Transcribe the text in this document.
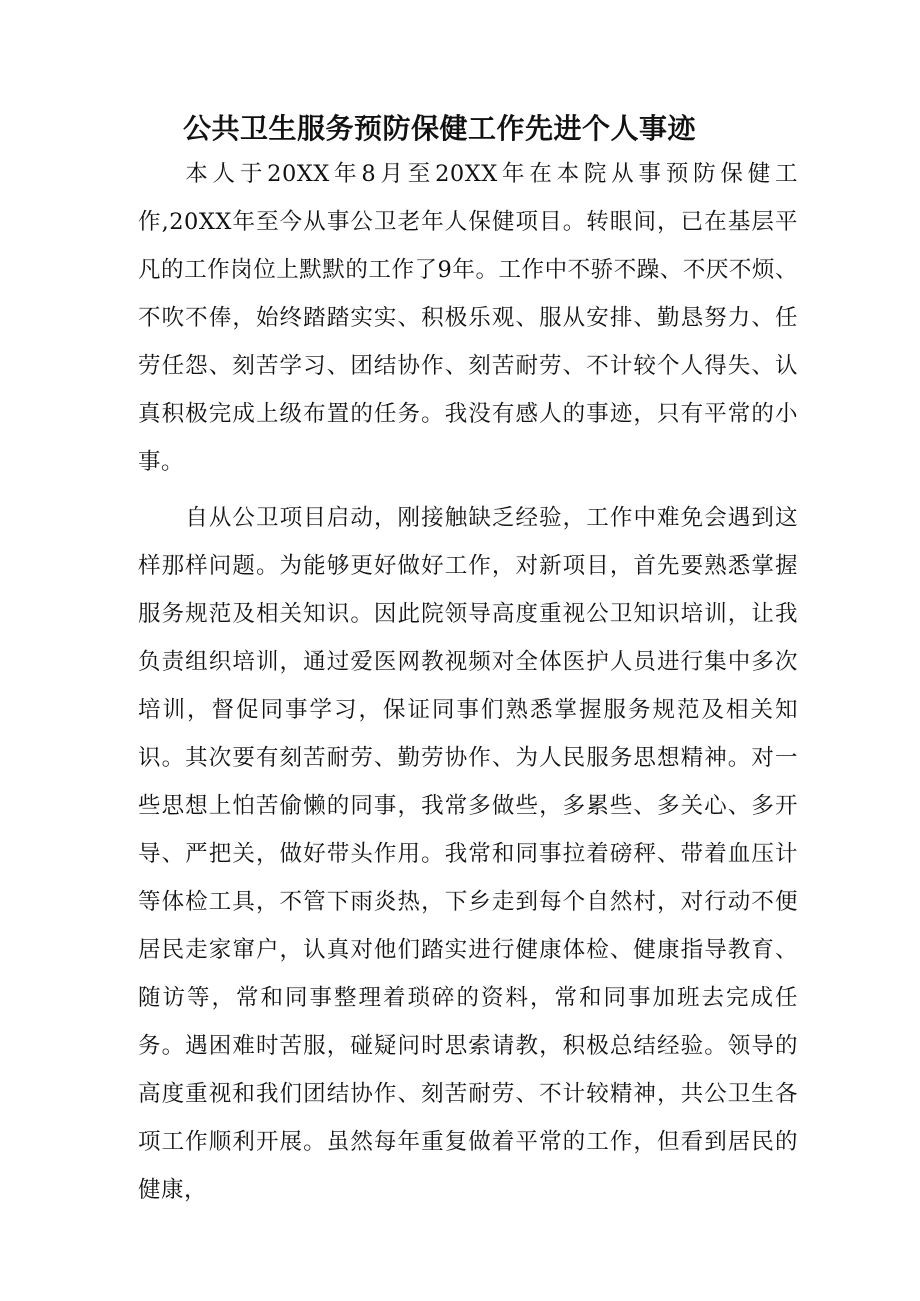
公共卫生服务预防保健工作先进个人事迹

本人于20XX年8月至20XX年在本院从事预防保健工作,20XX年至今从事公卫老年人保健项目。转眼间，已在基层平凡的工作岗位上默默的工作了9年。工作中不骄不躁、不厌不烦、不吹不俸，始终踏踏实实、积极乐观、服从安排、勤恳努力、任劳任怨、刻苦学习、团结协作、刻苦耐劳、不计较个人得失、认真积极完成上级布置的任务。我没有感人的事迹，只有平常的小事。

自从公卫项目启动，刚接触缺乏经验，工作中难免会遇到这样那样问题。为能够更好做好工作，对新项目，首先要熟悉掌握服务规范及相关知识。因此院领导高度重视公卫知识培训，让我负责组织培训，通过爱医网教视频对全体医护人员进行集中多次培训，督促同事学习，保证同事们熟悉掌握服务规范及相关知识。其次要有刻苦耐劳、勤劳协作、为人民服务思想精神。对一些思想上怕苦偷懒的同事，我常多做些，多累些、多关心、多开导、严把关，做好带头作用。我常和同事拉着磅秤、带着血压计等体检工具，不管下雨炎热，下乡走到每个自然村，对行动不便居民走家窜户，认真对他们踏实进行健康体检、健康指导教育、随访等，常和同事整理着琐碎的资料，常和同事加班去完成任务。遇困难时苦服，碰疑问时思索请教，积极总结经验。领导的高度重视和我们团结协作、刻苦耐劳、不计较精神，共公卫生各项工作顺利开展。虽然每年重复做着平常的工作，但看到居民的健康，
